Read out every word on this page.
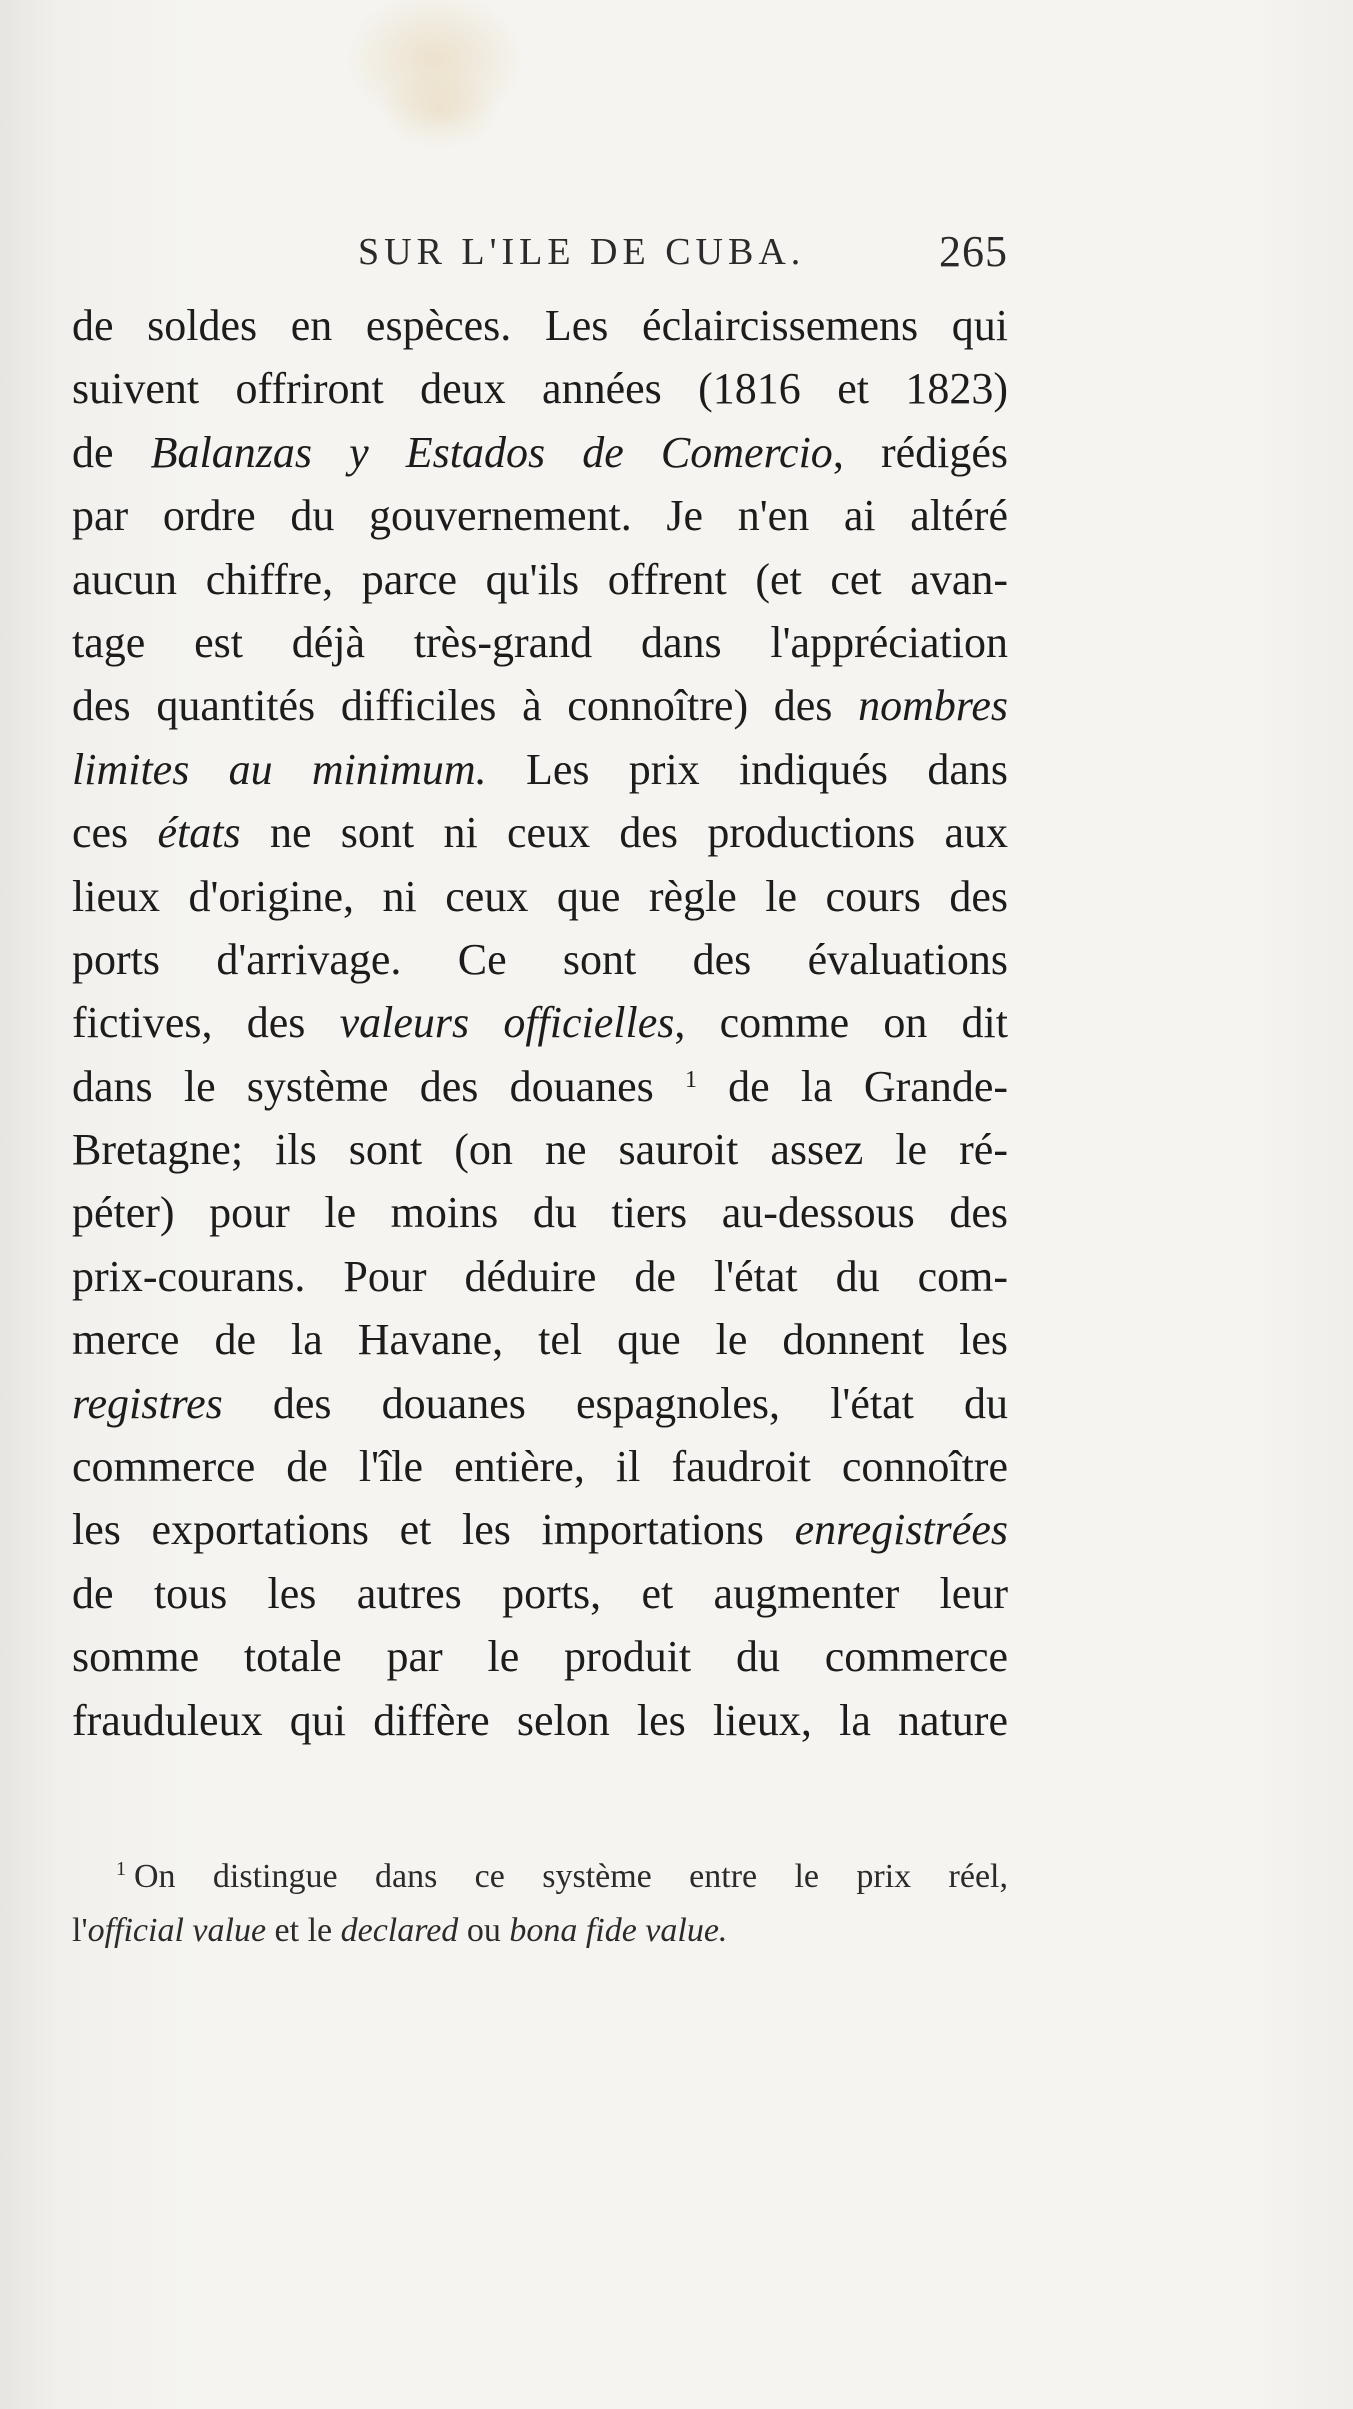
SUR L'ILE DE CUBA.	265
de soldes en espèces. Les éclaircissemens qui
suivent offriront deux années (1816 et 1823)
de Balanzas y Estados de Comercio, rédigés
par ordre du gouvernement. Je n'en ai altéré
aucun chiffre, parce qu'ils offrent (et cet avan-
tage est déjà très-grand dans l'appréciation
des quantités difficiles à connoître) des nombres
limites au minimum. Les prix indiqués dans
ces états ne sont ni ceux des productions aux
lieux d'origine, ni ceux que règle le cours des
ports d'arrivage. Ce sont des évaluations
fictives, des valeurs officielles, comme on dit
dans le système des douanes $^1$ de la Grande-
Bretagne; ils sont (on ne sauroit assez le ré-
péter) pour le moins du tiers au-dessous des
prix-courans. Pour déduire de l'état du com-
merce de la Havane, tel que le donnent les
registres des douanes espagnoles, l'état du
commerce de l'île entière, il faudroit connoître
les exportations et les importations enregistrées
de tous les autres ports, et augmenter leur
somme totale par le produit du commerce
frauduleux qui diffère selon les lieux, la nature
$^1$ On distingue dans ce système entre le prix réel,
l'official value et le declared ou bona fide value.
